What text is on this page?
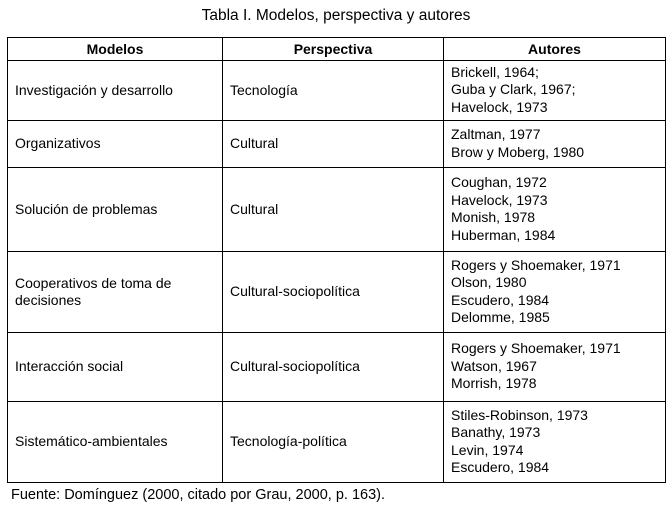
Tabla I. Modelos, perspectiva y autores
Modelos	Perspectiva	Autores
Investigación y desarrollo	Tecnología	Brickell, 1964;
Guba y Clark, 1967;
Havelock, 1973

Organizativos	Cultural	Zaltman, 1977
Brow y Moberg, 1980

Solución de problemas	Cultural	Coughan, 1972
Havelock, 1973
Monish, 1978
Huberman, 1984

Cooperativos de toma de decisiones	Cultural-sociopolítica	Rogers y Shoemaker, 1971
Olson, 1980
Escudero, 1984
Delomme, 1985

Interacción social	Cultural-sociopolítica	Rogers y Shoemaker, 1971
Watson, 1967
Morrish, 1978

Sistemático-ambientales	Tecnología-política	Stiles-Robinson, 1973
Banathy, 1973
Levin, 1974
Escudero, 1984
Fuente: Domínguez (2000, citado por Grau, 2000, p. 163).
